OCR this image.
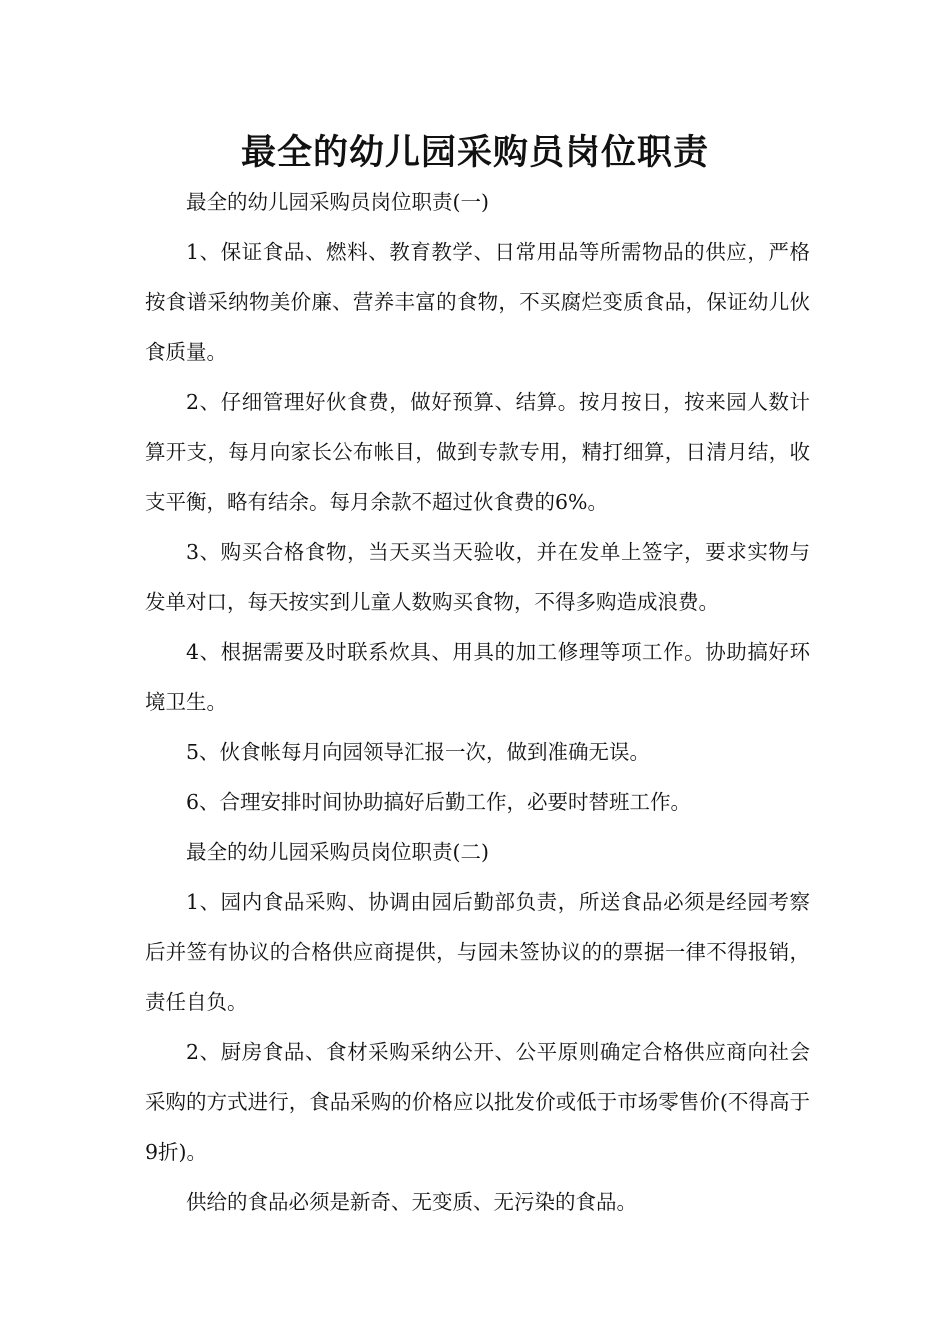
最全的幼儿园采购员岗位职责

最全的幼儿园采购员岗位职责(一)

1、保证食品、燃料、教育教学、日常用品等所需物品的供应，严格按食谱采纳物美价廉、营养丰富的食物，不买腐烂变质食品，保证幼儿伙食质量。

2、仔细管理好伙食费，做好预算、结算。按月按日，按来园人数计算开支，每月向家长公布帐目，做到专款专用，精打细算，日清月结，收支平衡，略有结余。每月余款不超过伙食费的6%。

3、购买合格食物，当天买当天验收，并在发单上签字，要求实物与发单对口，每天按实到儿童人数购买食物，不得多购造成浪费。

4、根据需要及时联系炊具、用具的加工修理等项工作。协助搞好环境卫生。

5、伙食帐每月向园领导汇报一次，做到准确无误。

6、合理安排时间协助搞好后勤工作，必要时替班工作。

最全的幼儿园采购员岗位职责(二)

1、园内食品采购、协调由园后勤部负责，所送食品必须是经园考察后并签有协议的合格供应商提供，与园未签协议的的票据一律不得报销，责任自负。

2、厨房食品、食材采购采纳公开、公平原则确定合格供应商向社会采购的方式进行，食品采购的价格应以批发价或低于市场零售价(不得高于9折)。

供给的食品必须是新奇、无变质、无污染的食品。
